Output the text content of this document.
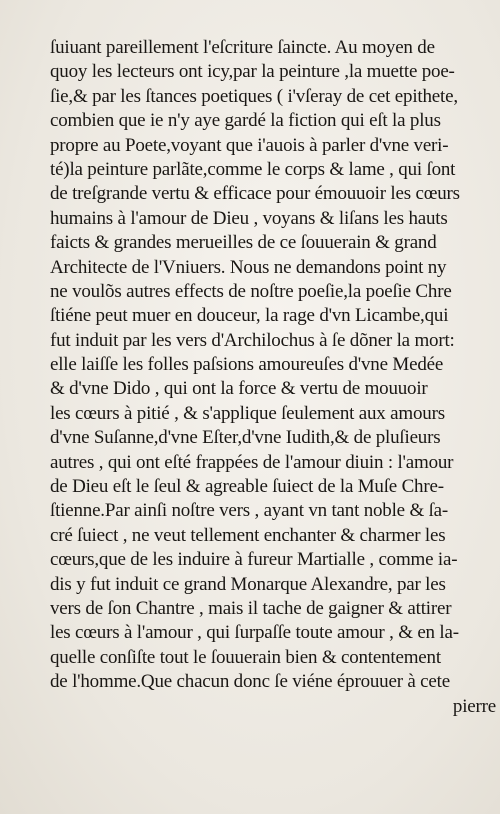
ſuiuant pareillement l'eſcriture ſaincte. Au moyen de
quoy les lecteurs ont icy,par la peinture ,la muette poe-
ſie,& par les ſtances poetiques ( i'vſeray de cet epithete,
combien que ie n'y aye gardé la fiction qui eſt la plus
propre au Poete,voyant que i'auois à parler d'vne veri-
té)la peinture parlãte,comme le corps & lame , qui ſont
de treſgrande vertu & efficace pour émouuoir les cœurs
humains à l'amour de Dieu , voyans & liſans les hauts
faicts & grandes merueilles de ce ſouuerain & grand
Architecte de l'Vniuers. Nous ne demandons point ny
ne voulõs autres effects de noſtre poeſie,la poeſie Chre
ſtiéne peut muer en douceur, la rage d'vn Licambe,qui
fut induit par les vers d'Archilochus à ſe dõner la mort:
elle laiſſe les folles paſsions amoureuſes d'vne Medée
& d'vne Dido , qui ont la force & vertu de mouuoir
les cœurs à pitié , & s'applique ſeulement aux amours
d'vne Suſanne,d'vne Eſter,d'vne Iudith,& de pluſieurs
autres , qui ont eſté frappées de l'amour diuin : l'amour
de Dieu eſt le ſeul & agreable ſuiect de la Muſe Chre-
ſtienne.Par ainſi noſtre vers , ayant vn tant noble & ſa-
cré ſuiect , ne veut tellement enchanter & charmer les
cœurs,que de les induire à fureur Martialle , comme ia-
dis y fut induit ce grand Monarque Alexandre, par les
vers de ſon Chantre , mais il tache de gaigner & attirer
les cœurs à l'amour , qui ſurpaſſe toute amour , & en la-
quelle conſiſte tout le ſouuerain bien & contentement
de l'homme.Que chacun donc ſe viéne éprouuer à cete
pierre
